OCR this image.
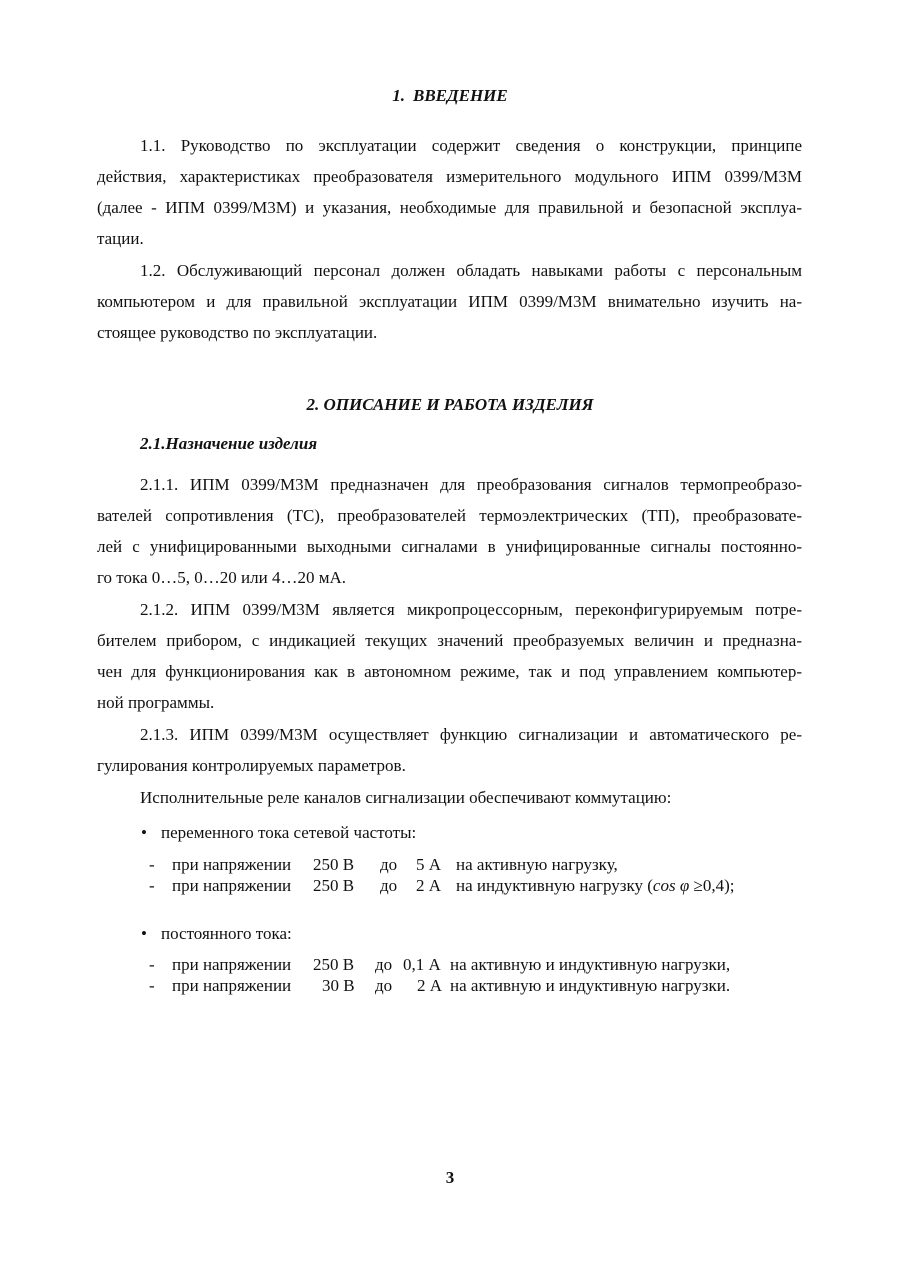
1. ВВЕДЕНИЕ
1.1. Руководство по эксплуатации содержит сведения о конструкции, принципе
действия, характеристиках преобразователя измерительного модульного ИПМ 0399/М3М
(далее - ИПМ 0399/М3М) и указания, необходимые для правильной и безопасной эксплуа-
тации.
1.2. Обслуживающий персонал должен обладать навыками работы с персональным
компьютером и для правильной эксплуатации ИПМ 0399/М3М внимательно изучить на-
стоящее руководство по эксплуатации.
2. ОПИСАНИЕ И РАБОТА ИЗДЕЛИЯ
2.1.Назначение изделия
2.1.1. ИПМ 0399/М3М предназначен для преобразования сигналов термопреобразо-
вателей сопротивления (ТС), преобразователей термоэлектрических (ТП), преобразовате-
лей с унифицированными выходными сигналами в унифицированные сигналы постоянно-
го тока 0…5, 0…20 или 4…20 мА.
2.1.2. ИПМ 0399/М3М является микропроцессорным, переконфигурируемым потре-
бителем прибором, с индикацией текущих значений преобразуемых величин и предназна-
чен для функционирования как в автономном режиме, так и под управлением компьютер-
ной программы.
2.1.3. ИПМ 0399/М3М осуществляет функцию сигнализации и автоматического ре-
гулирования контролируемых параметров.
Исполнительные реле каналов сигнализации обеспечивают коммутацию:
• переменного тока сетевой частоты:
- при напряжении 250 В до 5 А на активную нагрузку,
- при напряжении 250 В до 2 А на индуктивную нагрузку (cos φ ≥0,4);
• постоянного тока:
- при напряжении 250 В до 0,1 А на активную и индуктивную нагрузки,
- при напряжении 30 В до 2 А на активную и индуктивную нагрузки.
3
